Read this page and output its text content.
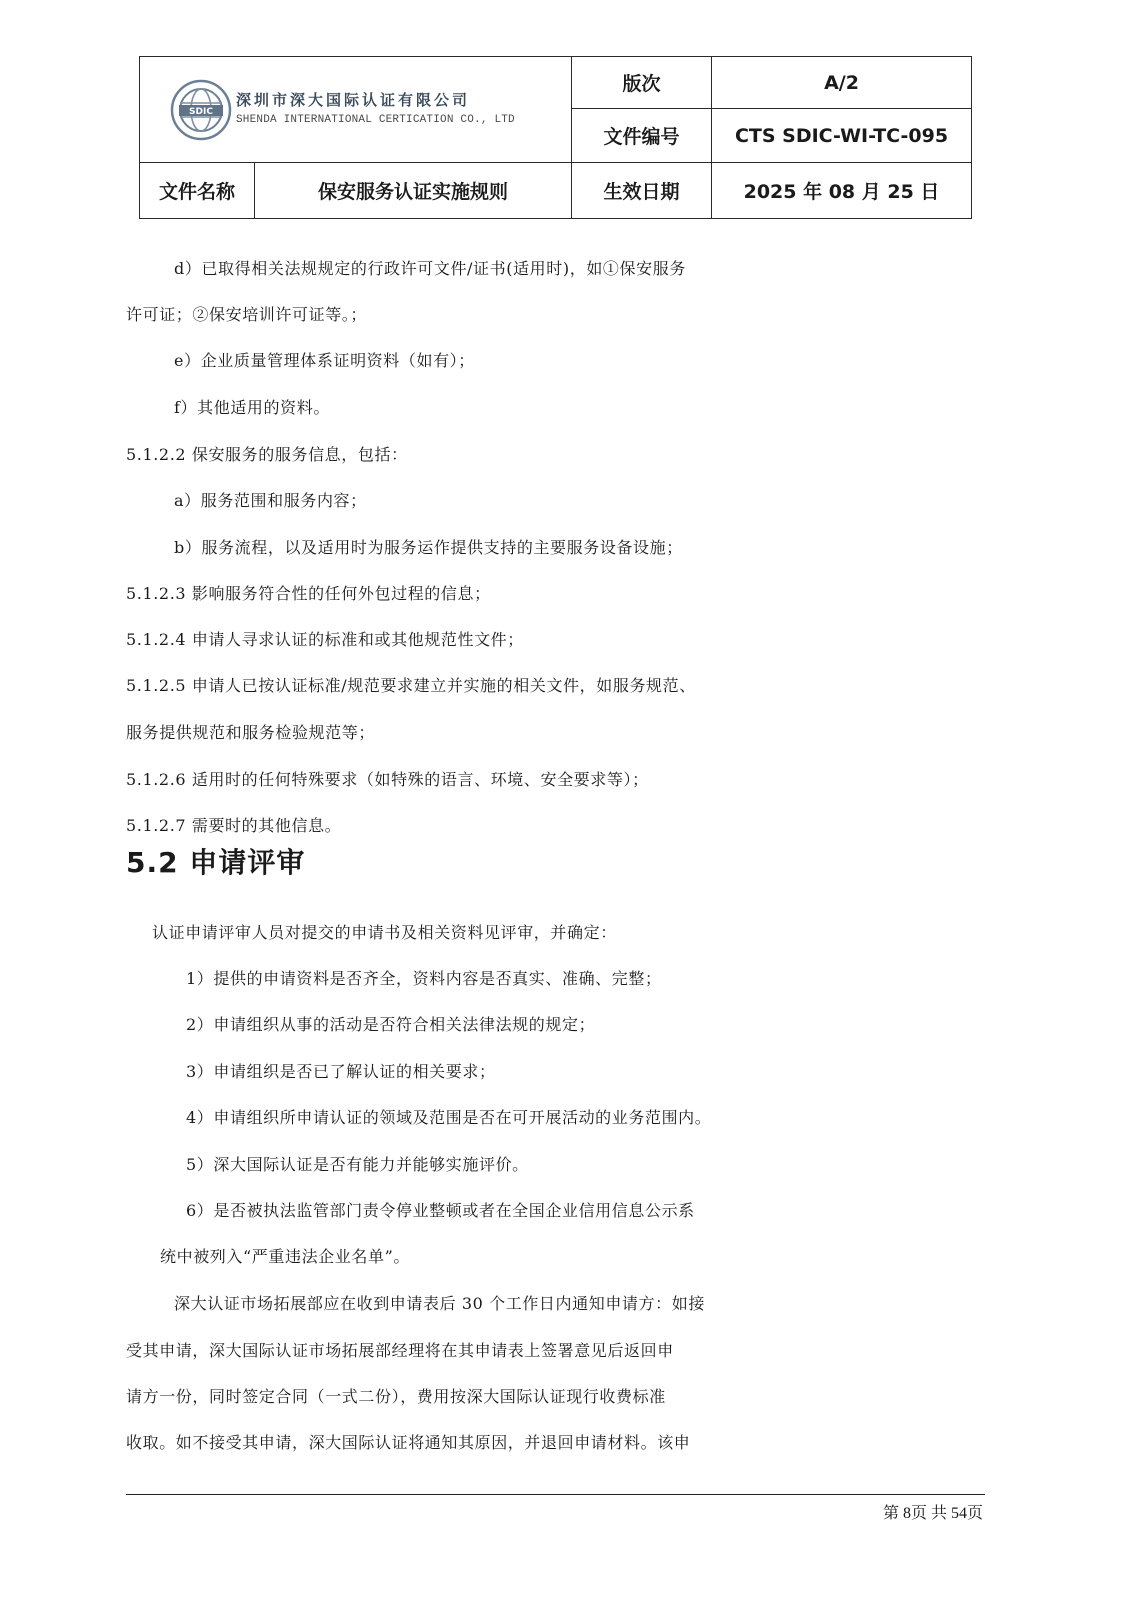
SDIC
深圳市深大国际认证有限公司
SHENDA INTERNATIONAL CERTICATION CO., LTD		版次	A/2
		文件编号	CTS SDIC-WI-TC-095
文件名称	保安服务认证实施规则	生效日期	2025 年 08 月 25 日
d）已取得相关法规规定的行政许可文件/证书(适用时)，如①保安服务
许可证；②保安培训许可证等。；
e）企业质量管理体系证明资料（如有）；
f）其他适用的资料。
5.1.2.2 保安服务的服务信息，包括：
a）服务范围和服务内容；
b）服务流程，以及适用时为服务运作提供支持的主要服务设备设施；
5.1.2.3 影响服务符合性的任何外包过程的信息；
5.1.2.4 申请人寻求认证的标准和或其他规范性文件；
5.1.2.5 申请人已按认证标准/规范要求建立并实施的相关文件，如服务规范、
服务提供规范和服务检验规范等；
5.1.2.6 适用时的任何特殊要求（如特殊的语言、环境、安全要求等）；
5.1.2.7 需要时的其他信息。
5.2 申请评审
认证申请评审人员对提交的申请书及相关资料见评审，并确定：
1）提供的申请资料是否齐全，资料内容是否真实、准确、完整；
2）申请组织从事的活动是否符合相关法律法规的规定；
3）申请组织是否已了解认证的相关要求；
4）申请组织所申请认证的领域及范围是否在可开展活动的业务范围内。
5）深大国际认证是否有能力并能够实施评价。
6）是否被执法监管部门责令停业整顿或者在全国企业信用信息公示系
统中被列入“严重违法企业名单”。
深大认证市场拓展部应在收到申请表后 30 个工作日内通知申请方：如接
受其申请，深大国际认证市场拓展部经理将在其申请表上签署意见后返回申
请方一份，同时签定合同（一式二份），费用按深大国际认证现行收费标准
收取。如不接受其申请，深大国际认证将通知其原因，并退回申请材料。该申
第 8页 共 54页
